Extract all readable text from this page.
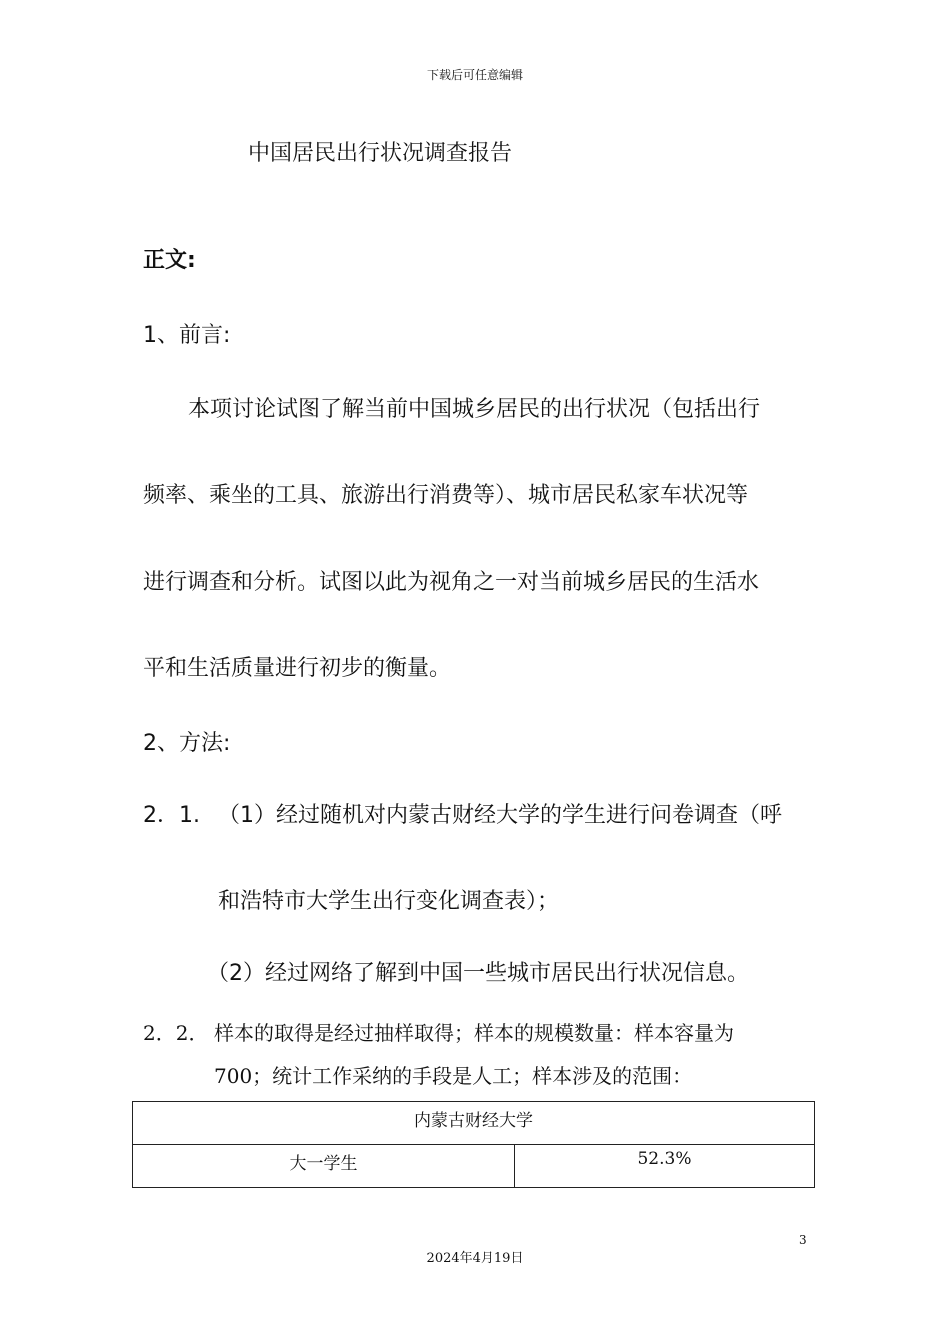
下载后可任意编辑
中国居民出行状况调查报告
正文:
1、前言:
本项讨论试图了解当前中国城乡居民的出行状况（包括出行
频率、乘坐的工具、旅游出行消费等）、城市居民私家车状况等
进行调查和分析。试图以此为视角之一对当前城乡居民的生活水
平和生活质量进行初步的衡量。
2、方法:
2．1. （1）经过随机对内蒙古财经大学的学生进行问卷调查（呼
和浩特市大学生出行变化调查表）；
（2）经过网络了解到中国一些城市居民出行状况信息。
2．2． 样本的取得是经过抽样取得；样本的规模数量：样本容量为
700；统计工作采纳的手段是人工；样本涉及的范围：
内蒙古财经大学
大一学生	52.3%
3
2024年4月19日
